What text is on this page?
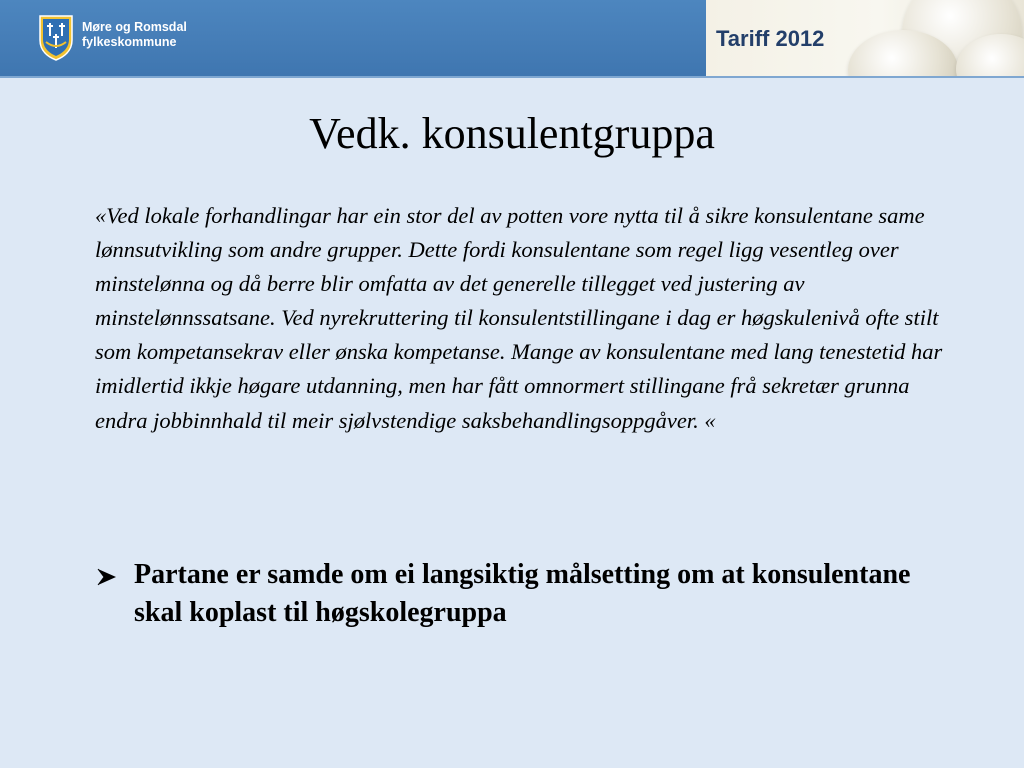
Møre og Romsdal
fylkeskommune	Tariff 2012
Vedk. konsulentgruppa

«Ved lokale forhandlingar har ein stor del av potten vore nytta til å sikre konsulentane same lønnsutvikling som andre grupper. Dette fordi konsulentane som regel ligg vesentleg over minstelønna og då berre blir omfatta av det generelle tillegget ved justering av minstelønnssatsane. Ved nyrekruttering til konsulentstillingane i dag er høgskulenivå ofte stilt som kompetansekrav eller ønska kompetanse. Mange av konsulentane med lang tenestetid har imidlertid ikkje høgare utdanning, men har fått omnormert stillingane frå sekretær grunna endra jobbinnhald til meir sjølvstendige saksbehandlingsoppgåver. «

Partane er samde om ei langsiktig målsetting om at konsulentane skal koplast til høgskolegruppa
